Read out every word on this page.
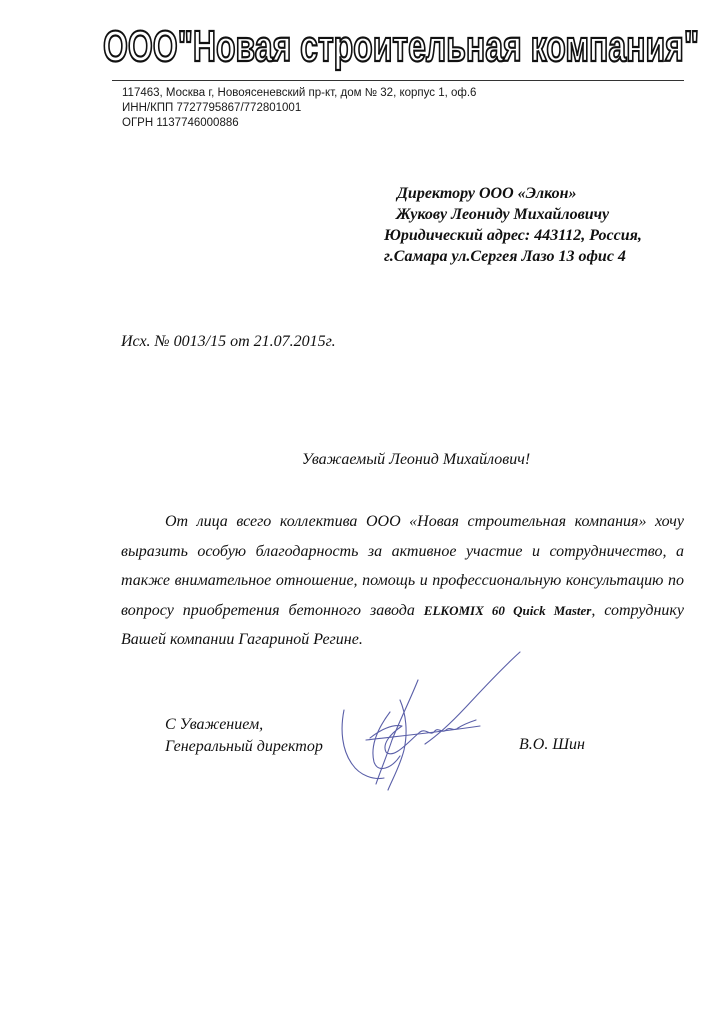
ООО"Новая строительная компания"
117463, Москва г, Новоясеневский пр-кт, дом № 32, корпус 1, оф.6
ИНН/КПП 7727795867/772801001
ОГРН 1137746000886
Директору ООО «Элкон»
Жукову Леониду Михайловичу
Юридический адрес: 443112, Россия,
г.Самара ул.Сергея Лазо 13 офис 4
Исх. № 0013/15 от 21.07.2015г.
Уважаемый Леонид Михайлович!
От лица всего коллектива ООО «Новая строительная компания» хочу выразить особую благодарность за активное участие и сотрудничество, а также внимательное отношение, помощь и профессиональную консультацию по вопросу приобретения бетонного завода ELKOMIX 60 Quick Master, сотруднику Вашей компании Гагариной Регине.
С Уважением,
Генеральный директор	В.О. Шин
